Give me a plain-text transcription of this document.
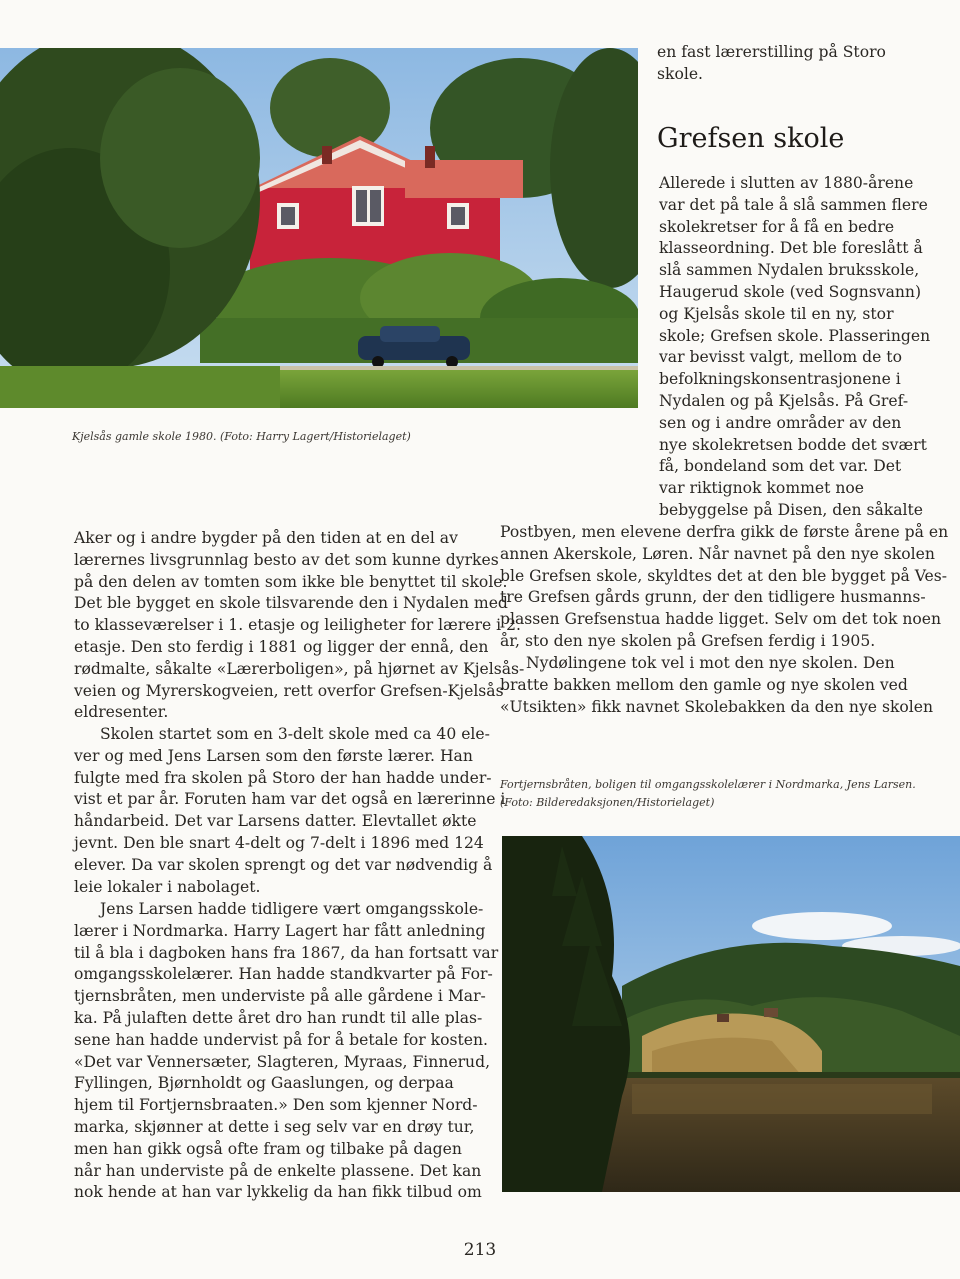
en fast lærerstilling på Storo
skole.
Grefsen skole
Allerede i slutten av 1880-årene
var det på tale å slå sammen flere
skolekretser for å få en bedre
klasseordning. Det ble foreslått å
slå sammen Nydalen bruksskole,
Haugerud skole (ved Sognsvann)
og Kjelsås skole til en ny, stor
skole; Grefsen skole. Plasseringen
var bevisst valgt, mellom de to
befolkningskonsentrasjonene i
Nydalen og på Kjelsås. På Gref-
sen og i andre områder av den
nye skolekretsen bodde det svært
få, bondeland som det var. Det
var riktignok kommet noe
bebyggelse på Disen, den såkalte
Postbyen, men elevene derfra gikk de første årene på en
annen Akerskole, Løren. Når navnet på den nye skolen
ble Grefsen skole, skyldtes det at den ble bygget på Ves-
tre Grefsen gårds grunn, der den tidligere husmanns-
plassen Grefsenstua hadde ligget. Selv om det tok noen
år, sto den nye skolen på Grefsen ferdig i 1905.
Nydølingene tok vel i mot den nye skolen. Den
bratte bakken mellom den gamle og nye skolen ved
«Utsikten» fikk navnet Skolebakken da den nye skolen
Kjelsås gamle skole 1980. (Foto: Harry Lagert/Historielaget)
Aker og i andre bygder på den tiden at en del av
lærernes livsgrunnlag besto av det som kunne dyrkes
på den delen av tomten som ikke ble benyttet til skole.
Det ble bygget en skole tilsvarende den i Nydalen med
to klasseværelser i 1. etasje og leiligheter for lærere i 2.
etasje. Den sto ferdig i 1881 og ligger der ennå, den
rødmalte, såkalte «Lærerboligen», på hjørnet av Kjelsås-
veien og Myrerskogveien, rett overfor Grefsen-Kjelsås
eldresenter.
Skolen startet som en 3-delt skole med ca 40 ele-
ver og med Jens Larsen som den første lærer. Han
fulgte med fra skolen på Storo der han hadde under-
vist et par år. Foruten ham var det også en lærerinne i
håndarbeid. Det var Larsens datter. Elevtallet økte
jevnt. Den ble snart 4-delt og 7-delt i 1896 med 124
elever. Da var skolen sprengt og det var nødvendig å
leie lokaler i nabolaget.
Jens Larsen hadde tidligere vært omgangsskole-
lærer i Nordmarka. Harry Lagert har fått anledning
til å bla i dagboken hans fra 1867, da han fortsatt var
omgangsskolelærer. Han hadde standkvarter på For-
tjernsbråten, men underviste på alle gårdene i Mar-
ka. På julaften dette året dro han rundt til alle plas-
sene han hadde undervist på for å betale for kosten.
«Det var Vennersæter, Slagteren, Myraas, Finnerud,
Fyllingen, Bjørnholdt og Gaaslungen, og derpaa
hjem til Fortjernsbraaten.» Den som kjenner Nord-
marka, skjønner at dette i seg selv var en drøy tur,
men han gikk også ofte fram og tilbake på dagen
når han underviste på de enkelte plassene. Det kan
nok hende at han var lykkelig da han fikk tilbud om
Fortjernsbråten, boligen til omgangsskolelærer i Nordmarka, Jens Larsen.
(Foto: Bilderedaksjonen/Historielaget)
213
